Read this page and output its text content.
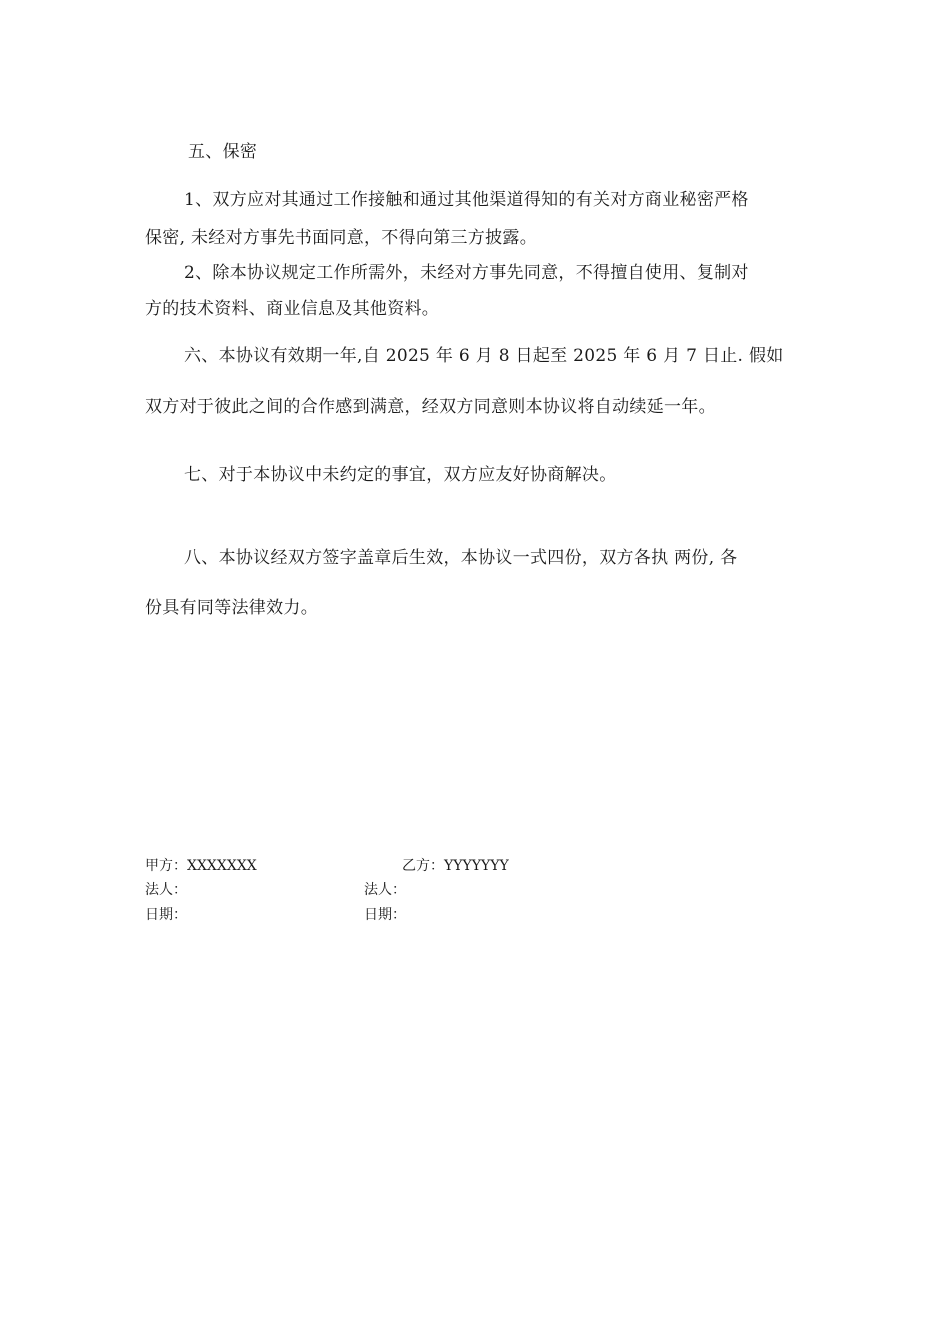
五、保密
1、双方应对其通过工作接触和通过其他渠道得知的有关对方商业秘密严格
保密, 未经对方事先书面同意，不得向第三方披露。
2、除本协议规定工作所需外，未经对方事先同意，不得擅自使用、复制对
方的技术资料、商业信息及其他资料。
六、本协议有效期一年,自 2025 年 6 月 8 日起至 2025 年 6 月 7 日止. 假如
双方对于彼此之间的合作感到满意，经双方同意则本协议将自动续延一年。
七、对于本协议中未约定的事宜，双方应友好协商解决。
八、本协议经双方签字盖章后生效，本协议一式四份，双方各执 两份, 各
份具有同等法律效力。
甲方：XXXXXXX	乙方：YYYYYYY
法人：	法人：
日期：	日期：
